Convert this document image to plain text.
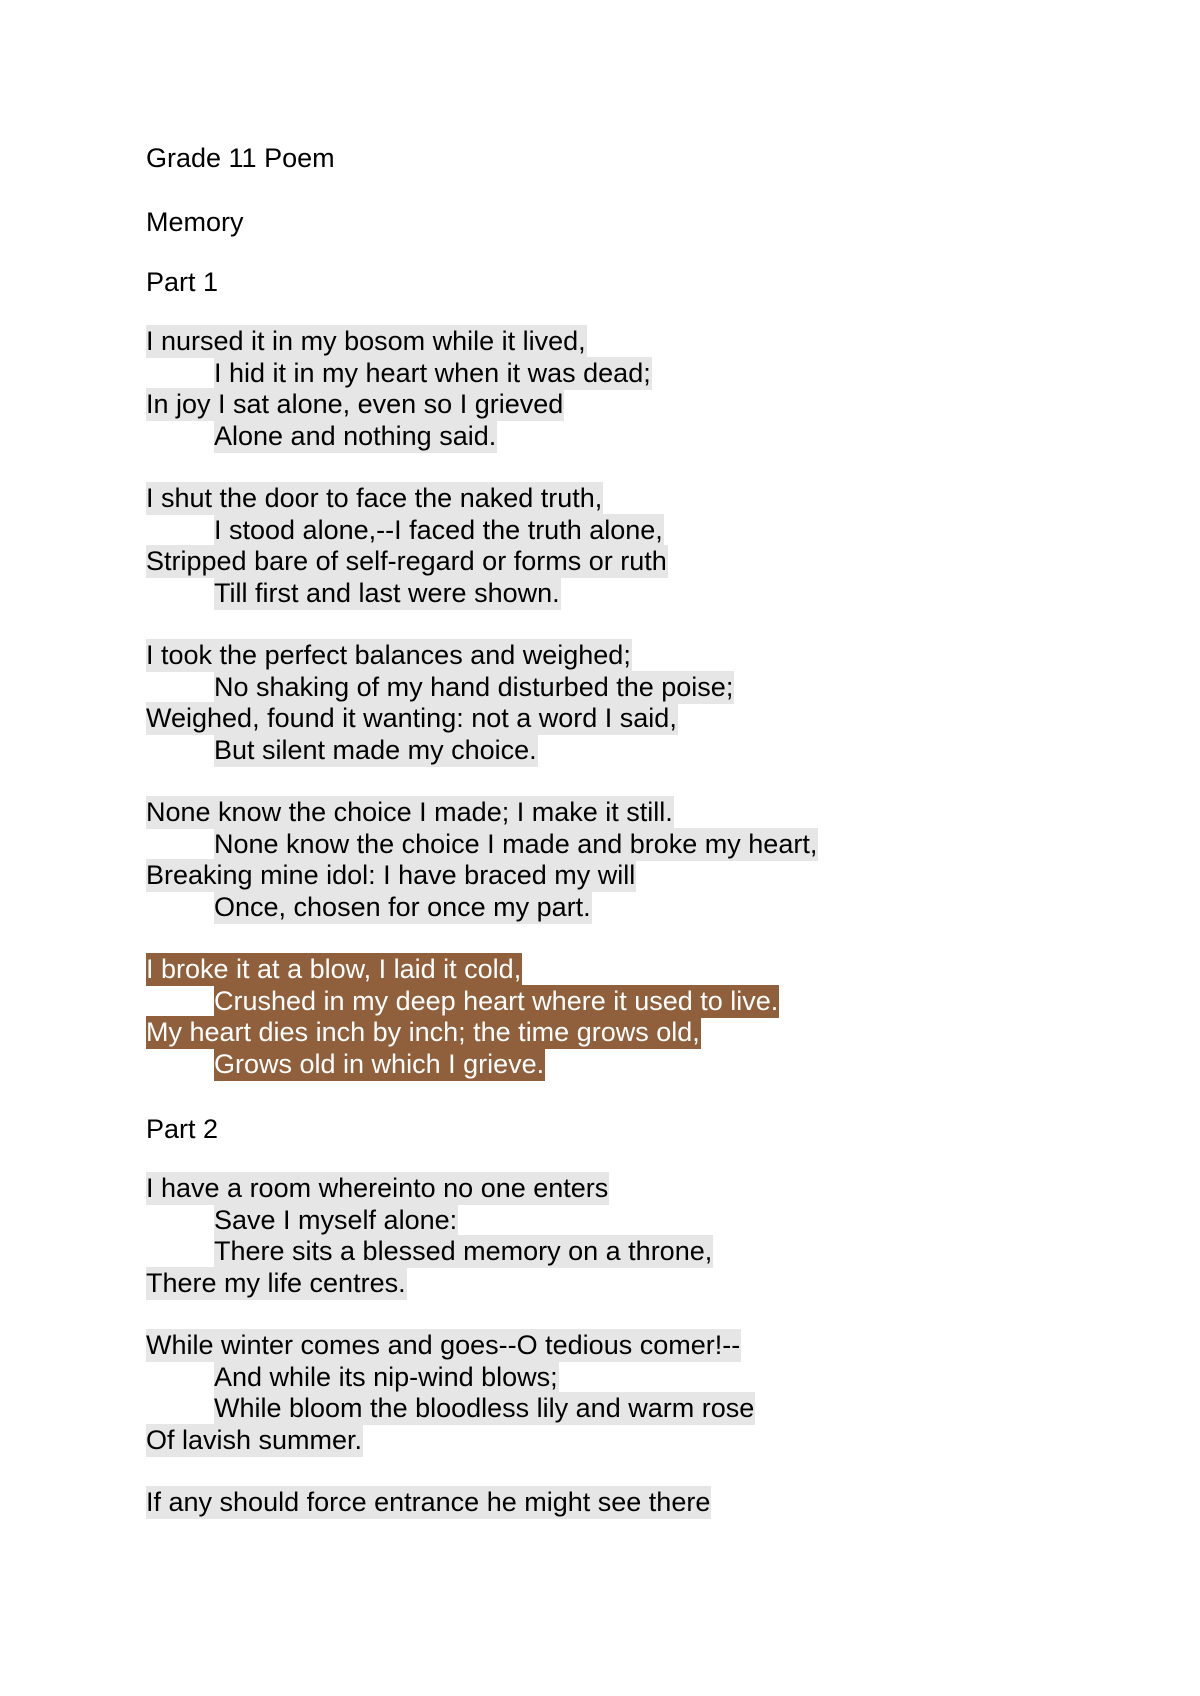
Grade 11 Poem
Memory
Part 1
I nursed it in my bosom while it lived,
I hid it in my heart when it was dead;
In joy I sat alone, even so I grieved
Alone and nothing said.
I shut the door to face the naked truth,
I stood alone,--I faced the truth alone,
Stripped bare of self-regard or forms or ruth
Till first and last were shown.
I took the perfect balances and weighed;
No shaking of my hand disturbed the poise;
Weighed, found it wanting: not a word I said,
But silent made my choice.
None know the choice I made; I make it still.
None know the choice I made and broke my heart,
Breaking mine idol: I have braced my will
Once, chosen for once my part.
I broke it at a blow, I laid it cold,
Crushed in my deep heart where it used to live.
My heart dies inch by inch; the time grows old,
Grows old in which I grieve.
Part 2
I have a room whereinto no one enters
Save I myself alone:
There sits a blessed memory on a throne,
There my life centres.
While winter comes and goes--O tedious comer!--
And while its nip-wind blows;
While bloom the bloodless lily and warm rose
Of lavish summer.
If any should force entrance he might see there
